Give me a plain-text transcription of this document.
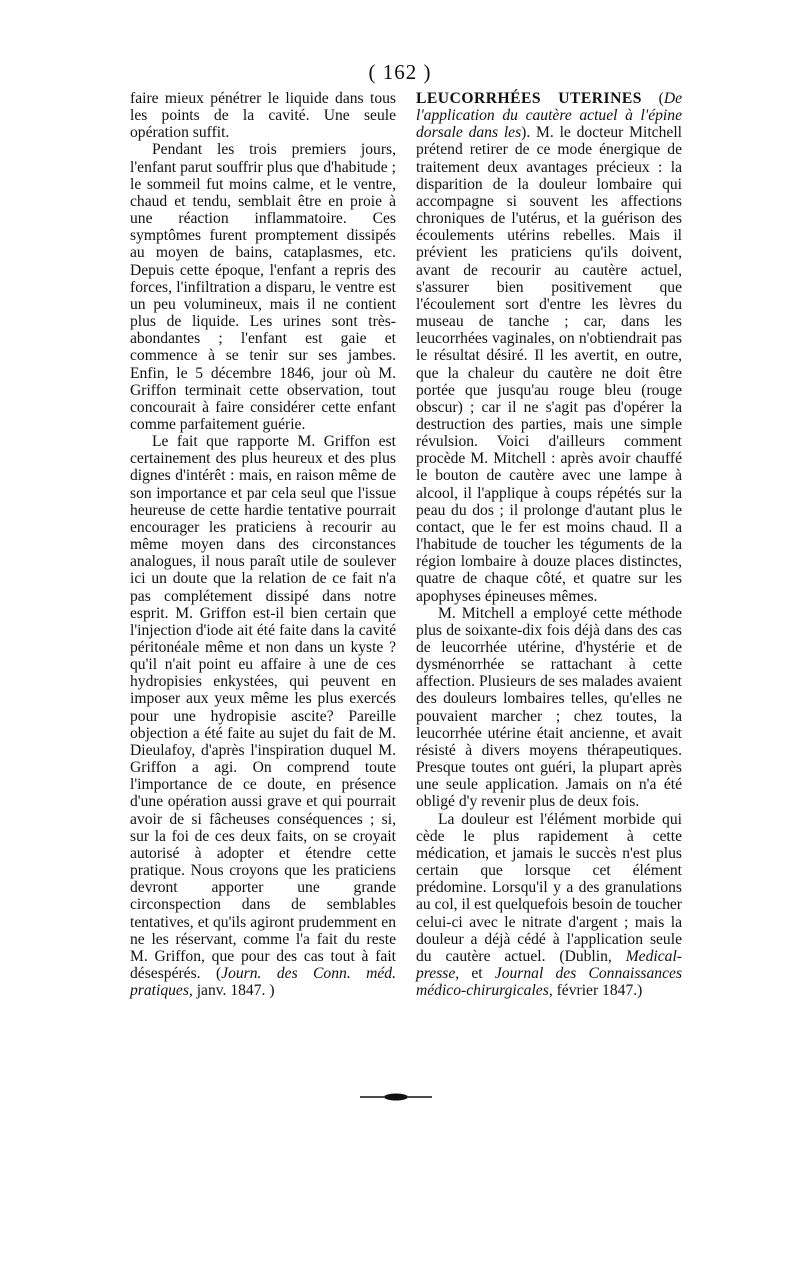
( 162 )

faire mieux pénétrer le liquide dans tous les points de la cavité. Une seule opération suffit.

Pendant les trois premiers jours, l'enfant parut souffrir plus que d'habitude ; le sommeil fut moins calme, et le ventre, chaud et tendu, semblait être en proie à une réaction inflammatoire. Ces symptômes furent promptement dissipés au moyen de bains, cataplasmes, etc. Depuis cette époque, l'enfant a repris des forces, l'infiltration a disparu, le ventre est un peu volumineux, mais il ne contient plus de liquide. Les urines sont très-abondantes ; l'enfant est gaie et commence à se tenir sur ses jambes. Enfin, le 5 décembre 1846, jour où M. Griffon terminait cette observation, tout concourait à faire considérer cette enfant comme parfaitement guérie.

Le fait que rapporte M. Griffon est certainement des plus heureux et des plus dignes d'intérêt : mais, en raison même de son importance et par cela seul que l'issue heureuse de cette hardie tentative pourrait encourager les praticiens à recourir au même moyen dans des circonstances analogues, il nous paraît utile de soulever ici un doute que la relation de ce fait n'a pas complétement dissipé dans notre esprit. M. Griffon est-il bien certain que l'injection d'iode ait été faite dans la cavité péritonéale même et non dans un kyste ? qu'il n'ait point eu affaire à une de ces hydropisies enkystées, qui peuvent en imposer aux yeux même les plus exercés pour une hydropisie ascite? Pareille objection a été faite au sujet du fait de M. Dieulafoy, d'après l'inspiration duquel M. Griffon a agi. On comprend toute l'importance de ce doute, en présence d'une opération aussi grave et qui pourrait avoir de si fâcheuses conséquences ; si, sur la foi de ces deux faits, on se croyait autorisé à adopter et étendre cette pratique. Nous croyons que les praticiens devront apporter une grande circonspection dans de semblables tentatives, et qu'ils agiront prudemment en ne les réservant, comme l'a fait du reste M. Griffon, que pour des cas tout à fait désespérés. (Journ. des Conn. méd. pratiques, janv. 1847. )

LEUCORRHÉES UTERINES (De l'application du cautère actuel à l'épine dorsale dans les). M. le docteur Mitchell prétend retirer de ce mode énergique de traitement deux avantages précieux : la disparition de la douleur lombaire qui accompagne si souvent les affections chroniques de l'utérus, et la guérison des écoulements utérins rebelles. Mais il prévient les praticiens qu'ils doivent, avant de recourir au cautère actuel, s'assurer bien positivement que l'écoulement sort d'entre les lèvres du museau de tanche ; car, dans les leucorrhées vaginales, on n'obtiendrait pas le résultat désiré. Il les avertit, en outre, que la chaleur du cautère ne doit être portée que jusqu'au rouge bleu (rouge obscur) ; car il ne s'agit pas d'opérer la destruction des parties, mais une simple révulsion. Voici d'ailleurs comment procède M. Mitchell : après avoir chauffé le bouton de cautère avec une lampe à alcool, il l'applique à coups répétés sur la peau du dos ; il prolonge d'autant plus le contact, que le fer est moins chaud. Il a l'habitude de toucher les téguments de la région lombaire à douze places distinctes, quatre de chaque côté, et quatre sur les apophyses épineuses mêmes.

M. Mitchell a employé cette méthode plus de soixante-dix fois déjà dans des cas de leucorrhée utérine, d'hystérie et de dysménorrhée se rattachant à cette affection. Plusieurs de ses malades avaient des douleurs lombaires telles, qu'elles ne pouvaient marcher ; chez toutes, la leucorrhée utérine était ancienne, et avait résisté à divers moyens thérapeutiques. Presque toutes ont guéri, la plupart après une seule application. Jamais on n'a été obligé d'y revenir plus de deux fois.

La douleur est l'élément morbide qui cède le plus rapidement à cette médication, et jamais le succès n'est plus certain que lorsque cet élément prédomine. Lorsqu'il y a des granulations au col, il est quelquefois besoin de toucher celui-ci avec le nitrate d'argent ; mais la douleur a déjà cédé à l'application seule du cautère actuel. (Dublin, Medical-presse, et Journal des Connaissances médico-chirurgicales, février 1847.)
